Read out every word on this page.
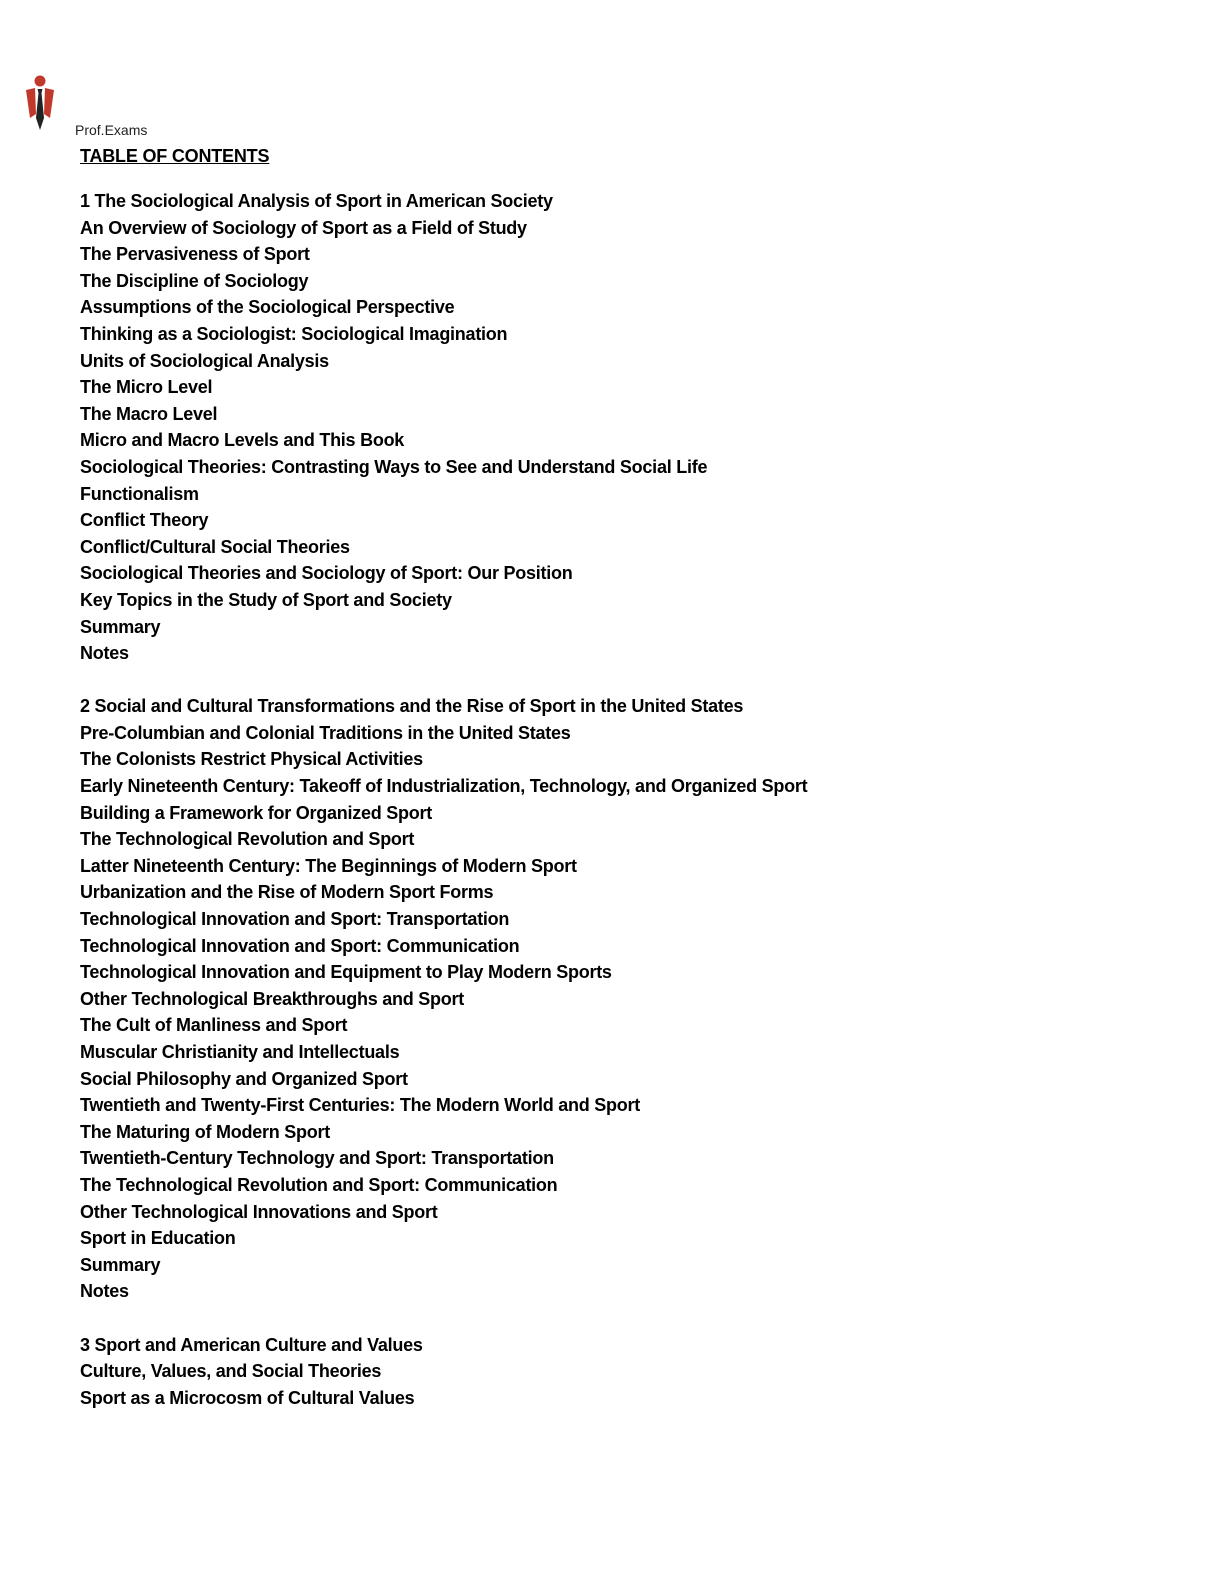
Prof.Exams
TABLE OF CONTENTS
1 The Sociological Analysis of Sport in American Society
An Overview of Sociology of Sport as a Field of Study
The Pervasiveness of Sport
The Discipline of Sociology
Assumptions of the Sociological Perspective
Thinking as a Sociologist: Sociological Imagination
Units of Sociological Analysis
The Micro Level
The Macro Level
Micro and Macro Levels and This Book
Sociological Theories: Contrasting Ways to See and Understand Social Life
Functionalism
Conflict Theory
Conflict/Cultural Social Theories
Sociological Theories and Sociology of Sport: Our Position
Key Topics in the Study of Sport and Society
Summary
Notes
2 Social and Cultural Transformations and the Rise of Sport in the United States
Pre-Columbian and Colonial Traditions in the United States
The Colonists Restrict Physical Activities
Early Nineteenth Century: Takeoff of Industrialization, Technology, and Organized Sport
Building a Framework for Organized Sport
The Technological Revolution and Sport
Latter Nineteenth Century: The Beginnings of Modern Sport
Urbanization and the Rise of Modern Sport Forms
Technological Innovation and Sport: Transportation
Technological Innovation and Sport: Communication
Technological Innovation and Equipment to Play Modern Sports
Other Technological Breakthroughs and Sport
The Cult of Manliness and Sport
Muscular Christianity and Intellectuals
Social Philosophy and Organized Sport
Twentieth and Twenty-First Centuries: The Modern World and Sport
The Maturing of Modern Sport
Twentieth-Century Technology and Sport: Transportation
The Technological Revolution and Sport: Communication
Other Technological Innovations and Sport
Sport in Education
Summary
Notes
3 Sport and American Culture and Values
Culture, Values, and Social Theories
Sport as a Microcosm of Cultural Values
